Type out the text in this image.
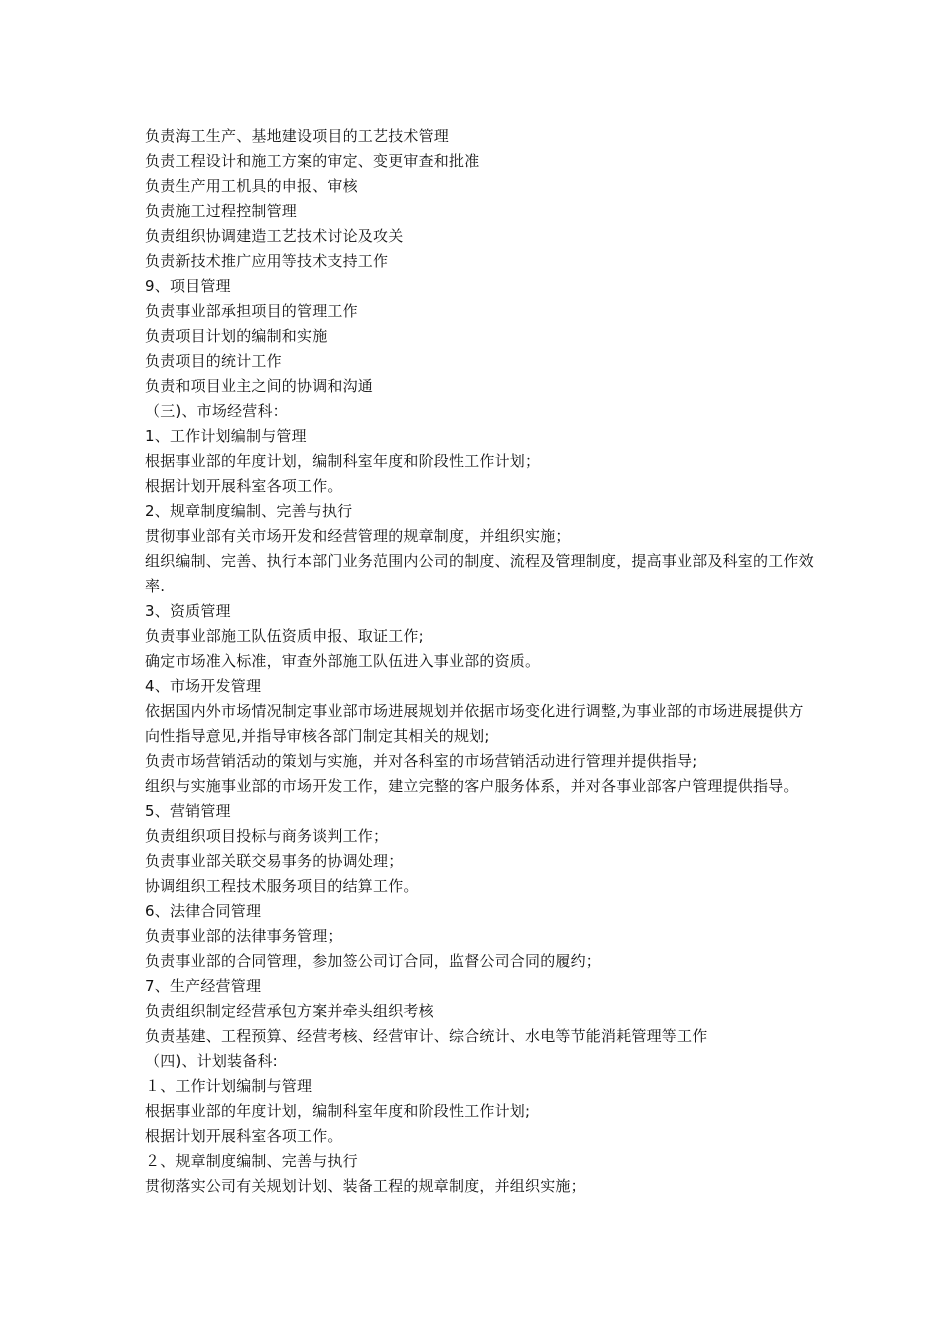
负责海工生产、基地建设项目的工艺技术管理
负责工程设计和施工方案的审定、变更审查和批准
负责生产用工机具的申报、审核
负责施工过程控制管理
负责组织协调建造工艺技术讨论及攻关
负责新技术推广应用等技术支持工作
9、项目管理
负责事业部承担项目的管理工作
负责项目计划的编制和实施
负责项目的统计工作
负责和项目业主之间的协调和沟通
（三)、市场经营科：
1、工作计划编制与管理
根据事业部的年度计划，编制科室年度和阶段性工作计划；
根据计划开展科室各项工作。
2、规章制度编制、完善与执行
贯彻事业部有关市场开发和经营管理的规章制度，并组织实施；
组织编制、完善、执行本部门业务范围内公司的制度、流程及管理制度，提高事业部及科室的工作效率.
3、资质管理
负责事业部施工队伍资质申报、取证工作;
确定市场准入标准，审查外部施工队伍进入事业部的资质。
4、市场开发管理
依据国内外市场情况制定事业部市场进展规划并依据市场变化进行调整,为事业部的市场进展提供方向性指导意见,并指导审核各部门制定其相关的规划;
负责市场营销活动的策划与实施，并对各科室的市场营销活动进行管理并提供指导;
组织与实施事业部的市场开发工作，建立完整的客户服务体系，并对各事业部客户管理提供指导。
5、营销管理
负责组织项目投标与商务谈判工作；
负责事业部关联交易事务的协调处理；
协调组织工程技术服务项目的结算工作。
6、法律合同管理
负责事业部的法律事务管理；
负责事业部的合同管理，参加签公司订合同，监督公司合同的履约；
7、生产经营管理
负责组织制定经营承包方案并牵头组织考核
负责基建、工程预算、经营考核、经营审计、综合统计、水电等节能消耗管理等工作
（四)、计划装备科:
１、工作计划编制与管理
根据事业部的年度计划，编制科室年度和阶段性工作计划;
根据计划开展科室各项工作。
２、规章制度编制、完善与执行
贯彻落实公司有关规划计划、装备工程的规章制度，并组织实施；
